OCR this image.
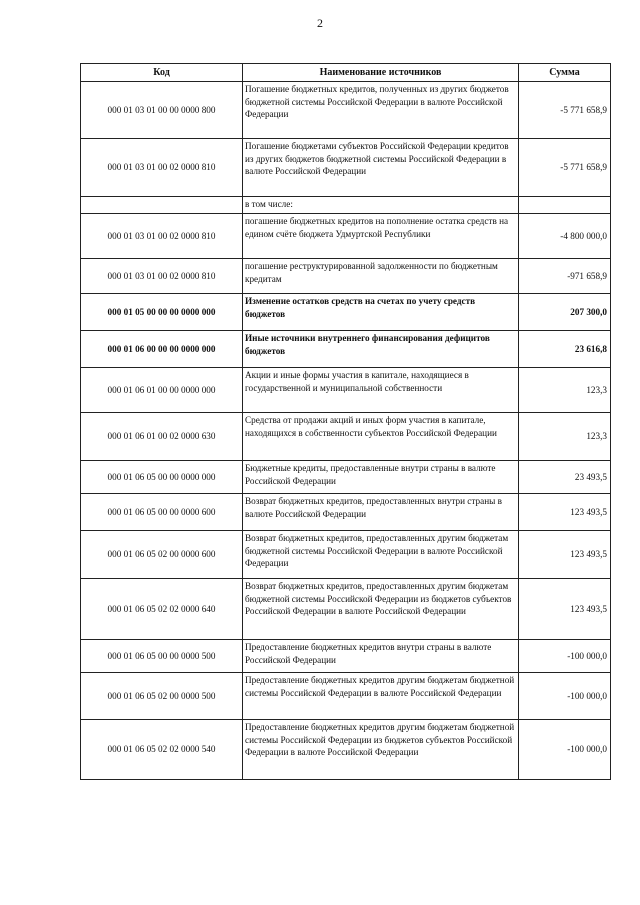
2
Код	Наименование источников	Сумма
000 01 03 01 00 00 0000 800	Погашение бюджетных кредитов, полученных из других бюджетов бюджетной системы Российской Федерации в валюте Российской Федерации	-5 771 658,9
000 01 03 01 00 02 0000 810	Погашение бюджетами субъектов Российской Федерации кредитов из других бюджетов бюджетной системы Российской Федерации в валюте Российской Федерации	-5 771 658,9
	в том числе:	
000 01 03 01 00 02 0000 810	погашение бюджетных кредитов на пополнение остатка средств на едином счёте бюджета Удмуртской Республики	-4 800 000,0
000 01 03 01 00 02 0000 810	погашение реструктурированной задолженности по бюджетным кредитам	-971 658,9
000 01 05 00 00 00 0000 000	Изменение остатков средств на счетах по учету средств бюджетов	207 300,0
000 01 06 00 00 00 0000 000	Иные источники внутреннего финансирования дефицитов бюджетов	23 616,8
000 01 06 01 00 00 0000 000	Акции и иные формы участия в капитале, находящиеся в государственной и муниципальной собственности	123,3
000 01 06 01 00 02 0000 630	Средства от продажи акций и иных форм участия в капитале, находящихся в собственности субъектов Российской Федерации	123,3
000 01 06 05 00 00 0000 000	Бюджетные кредиты, предоставленные внутри страны в валюте Российской Федерации	23 493,5
000 01 06 05 00 00 0000 600	Возврат бюджетных кредитов, предоставленных внутри страны в валюте Российской Федерации	123 493,5
000 01 06 05 02 00 0000 600	Возврат бюджетных кредитов, предоставленных другим бюджетам бюджетной системы Российской Федерации в валюте Российской Федерации	123 493,5
000 01 06 05 02 02 0000 640	Возврат бюджетных кредитов, предоставленных другим бюджетам бюджетной системы Российской Федерации из бюджетов субъектов Российской Федерации в валюте Российской Федерации	123 493,5
000 01 06 05 00 00 0000 500	Предоставление бюджетных кредитов внутри страны в валюте Российской Федерации	-100 000,0
000 01 06 05 02 00 0000 500	Предоставление бюджетных кредитов другим бюджетам бюджетной системы Российской Федерации в валюте Российской Федерации	-100 000,0
000 01 06 05 02 02 0000 540	Предоставление бюджетных кредитов другим бюджетам бюджетной системы Российской Федерации из бюджетов субъектов Российской Федерации в валюте Российской Федерации	-100 000,0
